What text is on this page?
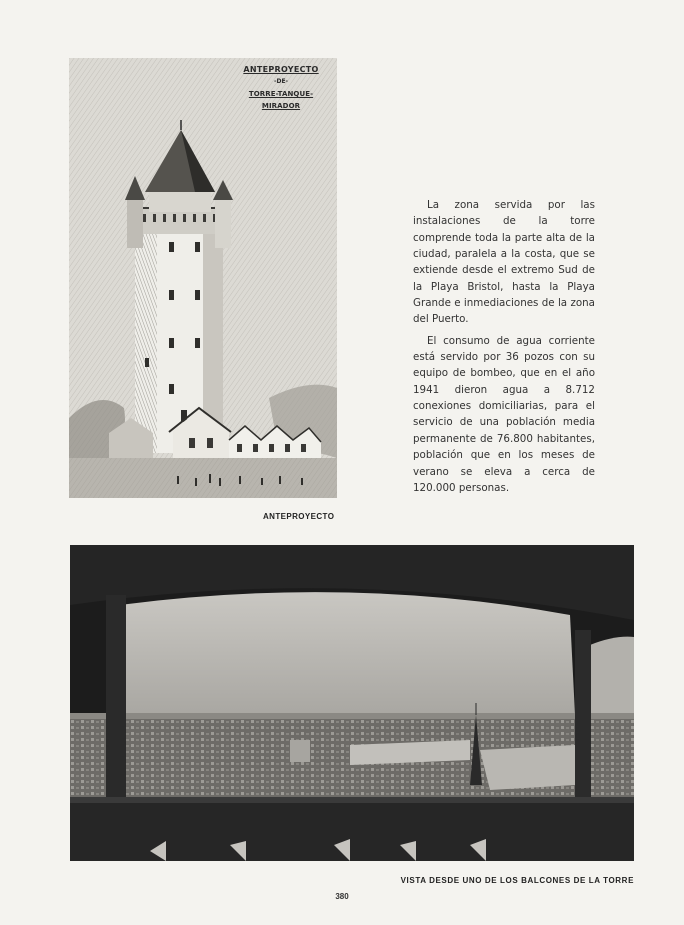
ANTEPROYECTO
-DE-
TORRE-TANQUE-MIRADOR
ANTEPROYECTO

La zona servida por las instalaciones de la torre comprende toda la parte alta de la ciudad, paralela a la costa, que se extiende desde el extremo Sud de la Playa Bristol, hasta la Playa Grande e inmediaciones de la zona del Puerto.

El consumo de agua corriente está servido por 36 pozos con su equipo de bombeo, que en el año 1941 dieron agua a 8.712 conexiones domiciliarias, para el servicio de una población media permanente de 76.800 habitantes, población que en los meses de verano se eleva a cerca de 120.000 personas.

VISTA DESDE UNO DE LOS BALCONES DE LA TORRE
380
